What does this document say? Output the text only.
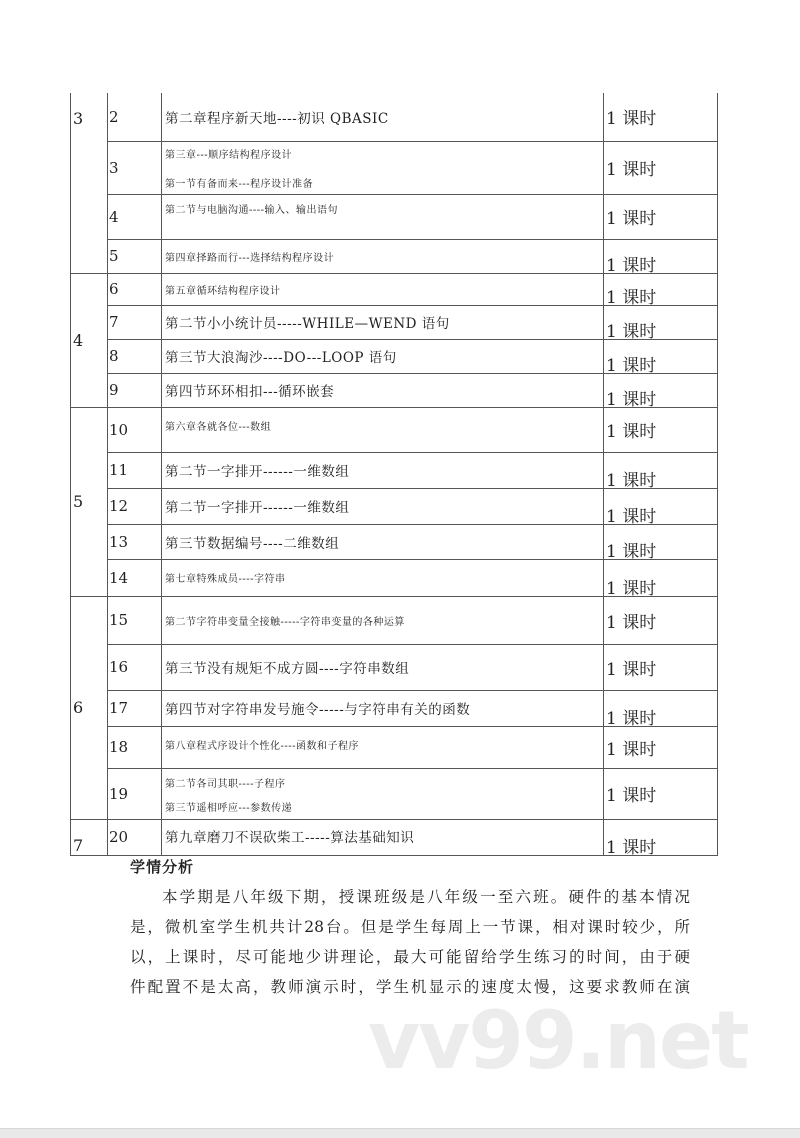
3	2	第二章程序新天地----初识 QBASIC	1 课时
	3	第三章---顺序结构程序设计
第一节有备而来---程序设计准备	1 课时
	4	第二节与电脑沟通----输入、输出语句	1 课时
	5	第四章择路而行---选择结构程序设计	1 课时

4	6	第五章循环结构程序设计	1 课时

	7	第二节小小统计员-----WHILE—WEND 语句	1 课时

	8	第三节大浪淘沙----DO---LOOP 语句	1 课时

	9	第四节环环相扣---循环嵌套	1 课时

5	10	第六章各就各位---数组	1 课时
	11	第二节一字排开------一维数组	1 课时

	12	第二节一字排开------一维数组	1 课时

	13	第三节数据编号----二维数组	1 课时

	14	第七章特殊成员----字符串	1 课时

6	15	第二节字符串变量全接触-----字符串变量的各种运算	1 课时
	16	第三节没有规矩不成方圆----字符串数组	1 课时
	17	第四节对字符串发号施令-----与字符串有关的函数	1 课时

	18	第八章程式序设计个性化----函数和子程序	1 课时
	19	第二节各司其职----子程序
第三节遥相呼应---参数传递	1 课时
7	20	第九章磨刀不误砍柴工-----算法基础知识	1 课时
学情分析
本学期是八年级下期，授课班级是八年级一至六班。硬件的基本情况
是，微机室学生机共计28台。但是学生每周上一节课，相对课时较少，所
以，上课时，尽可能地少讲理论，最大可能留给学生练习的时间，由于硬
件配置不是太高，教师演示时，学生机显示的速度太慢，这要求教师在演
vv99.net
